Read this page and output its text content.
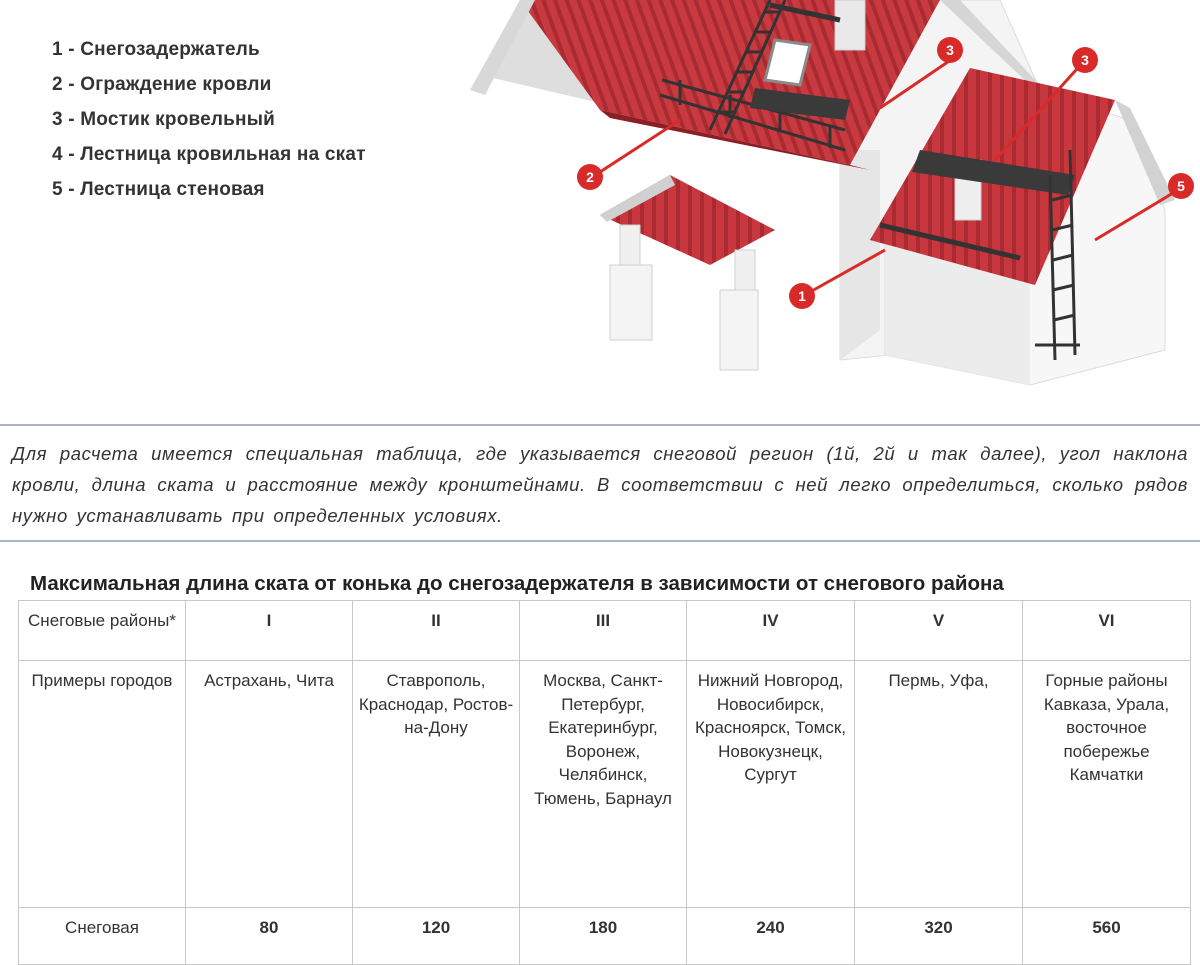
1 - Снегозадержатель
2 - Ограждение кровли
3 - Мостик кровельный
4 - Лестница кровильная на скат
5 - Лестница стеновая
2
3
3
1
5
Для расчета имеется специальная таблица, где указывается снеговой регион (1й, 2й и так далее), угол наклона кровли, длина ската и расстояние между кронштейнами. В соответствии с ней легко определиться, сколько рядов нужно устанавливать при определенных условиях.
Максимальная длина ската от конька до снегозадержателя в зависимости от снегового района
Снеговые районы*	I	II	III	IV	V	VI
Примеры городов	Астрахань, Чита	Ставрополь, Краснодар, Ростов-на-Дону	Москва, Санкт-Петербург, Екатеринбург, Воронеж, Челябинск, Тюмень, Барнаул	Нижний Новгород, Новосибирск, Красноярск, Томск, Новокузнецк, Сургут	Пермь, Уфа,	Горные районы Кавказа, Урала, восточное побережье Камчатки
Снеговая	80	120	180	240	320	560
